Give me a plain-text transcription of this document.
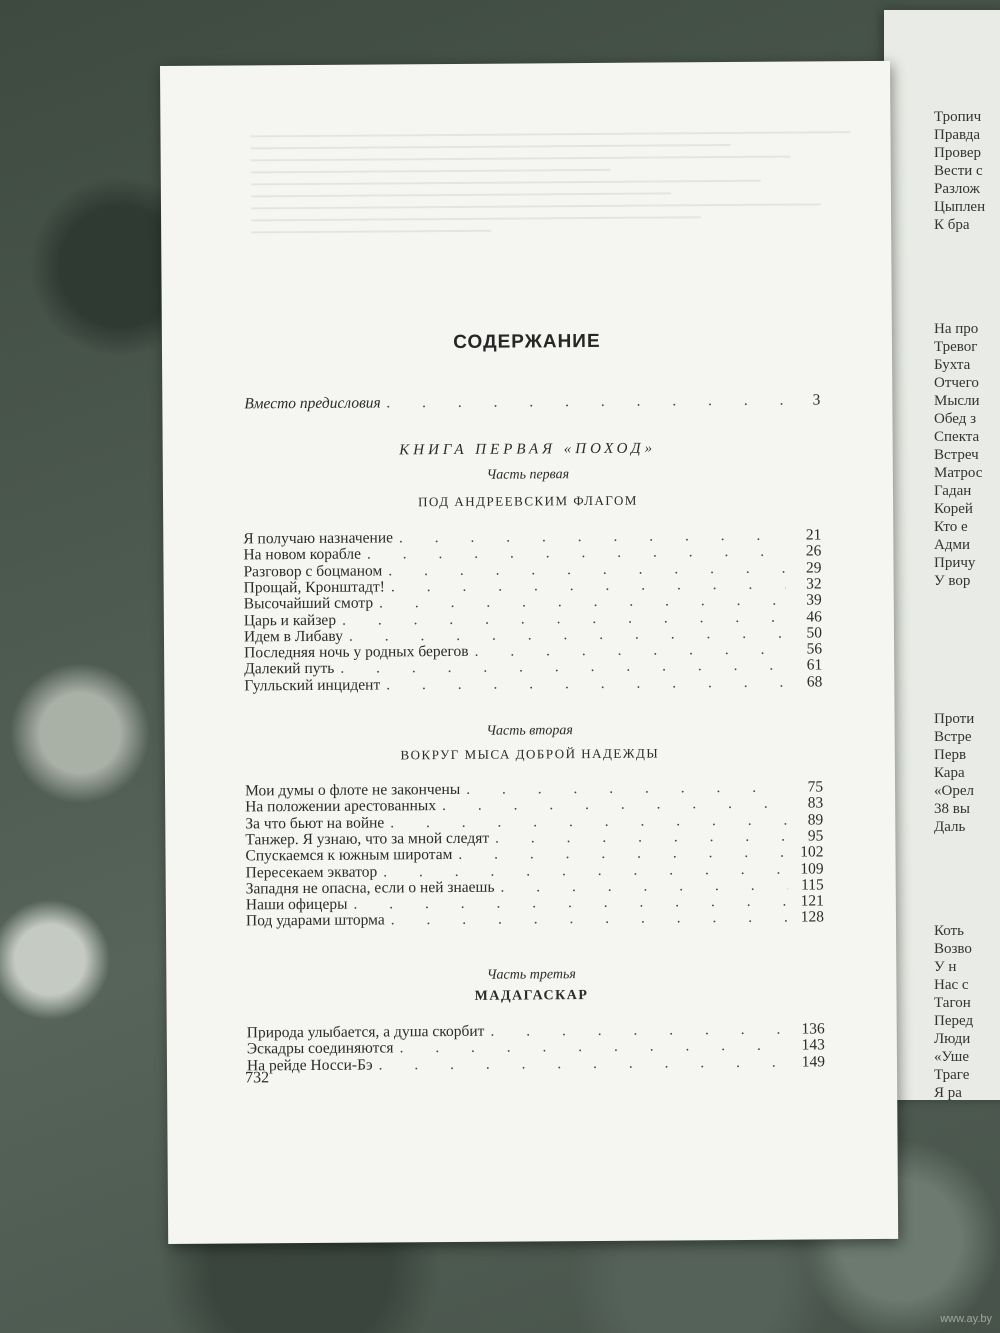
Тропич
Правда
Провер
Вести с
Разлож
Цыплен
К бра
На про
Тревог
Бухта
Отчего
Мысли
Обед з
Спекта
Встреч
Матрос
Гадан
Корей
Кто е
Адми
Причу
У вор
Проти
Встре
Перв
Кара
«Орел
38 вы
Даль
Коть
Возво
У н
Нас с
Тагон
Перед
Люди
«Уше
Траге
Я ра
СОДЕРЖАНИЕ
Вместо предисловия . . .	3
КНИГА ПЕРВАЯ «ПОХОД»
Часть первая
ПОД АНДРЕЕВСКИМ ФЛАГОМ
Я получаю назначение . . .	21
На новом корабле . . .	26
Разговор с боцманом . . .	29
Прощай, Кронштадт! . . .	32
Высочайший смотр . . .	39
Царь и кайзер . . .	46
Идем в Либаву . . .	50
Последняя ночь у родных берегов . . .	56
Далекий путь . . .	61
Гулльский инцидент . . .	68
Часть вторая
ВОКРУГ МЫСА ДОБРОЙ НАДЕЖДЫ
Мои думы о флоте не закончены . . .	75
На положении арестованных . . .	83
За что бьют на войне . . .	89
Танжер. Я узнаю, что за мной следят . . .	95
Спускаемся к южным широтам . . .	102
Пересекаем экватор . . .	109
Западня не опасна, если о ней знаешь . . .	115
Наши офицеры . . .	121
Под ударами шторма . . .	128
Часть третья
МАДАГАСКАР
Природа улыбается, а душа скорбит . . .	136
Эскадры соединяются . . .	143
На рейде Носси-Бэ . . .	149
732
www.ay.by
